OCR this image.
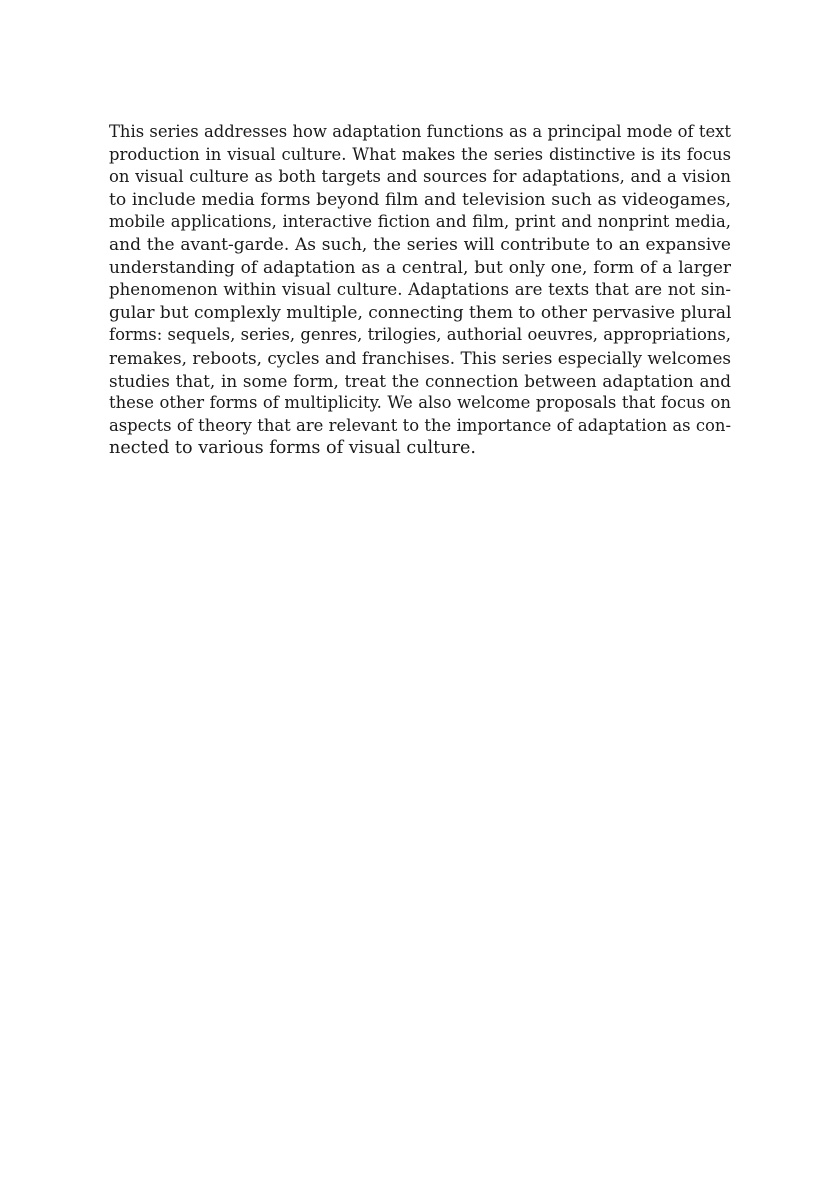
This series addresses how adaptation functions as a principal mode of text
production in visual culture. What makes the series distinctive is its focus
on visual culture as both targets and sources for adaptations, and a vision
to include media forms beyond film and television such as videogames,
mobile applications, interactive fiction and film, print and nonprint media,
and the avant-garde. As such, the series will contribute to an expansive
understanding of adaptation as a central, but only one, form of a larger
phenomenon within visual culture. Adaptations are texts that are not sin-
gular but complexly multiple, connecting them to other pervasive plural
forms: sequels, series, genres, trilogies, authorial oeuvres, appropriations,
remakes, reboots, cycles and franchises. This series especially welcomes
studies that, in some form, treat the connection between adaptation and
these other forms of multiplicity. We also welcome proposals that focus on
aspects of theory that are relevant to the importance of adaptation as con-
nected to various forms of visual culture.
